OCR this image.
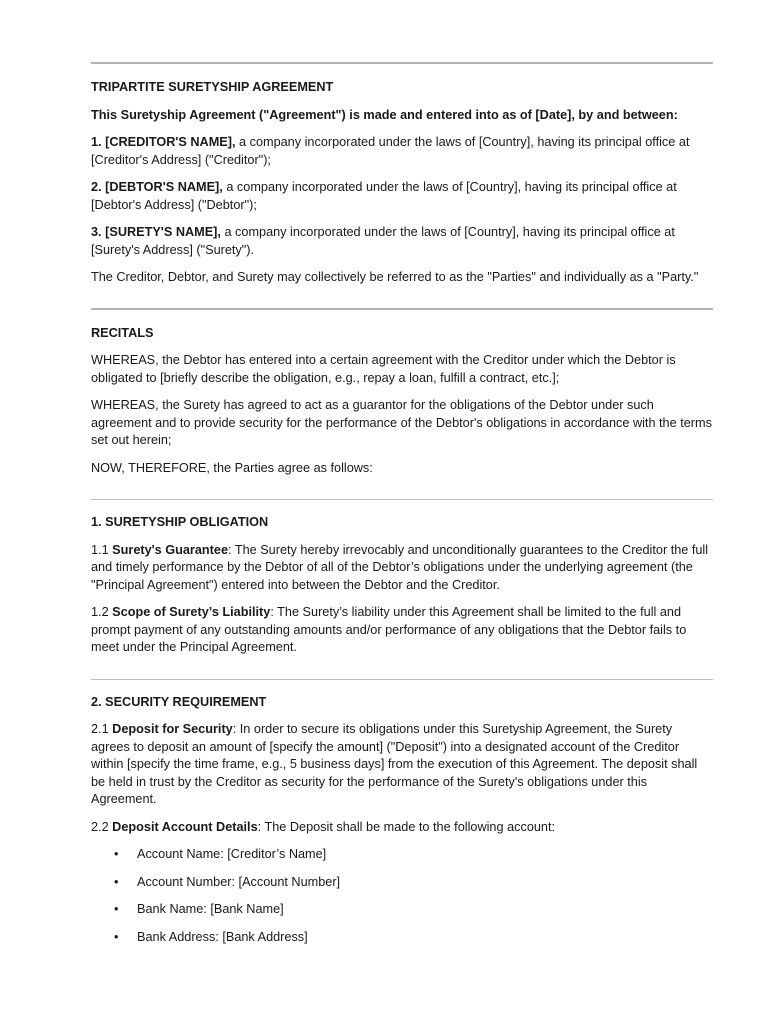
TRIPARTITE SURETYSHIP AGREEMENT

This Suretyship Agreement ("Agreement") is made and entered into as of [Date], by and between:

1. [CREDITOR'S NAME], a company incorporated under the laws of [Country], having its principal office at [Creditor's Address] ("Creditor");

2. [DEBTOR'S NAME], a company incorporated under the laws of [Country], having its principal office at [Debtor's Address] ("Debtor");

3. [SURETY'S NAME], a company incorporated under the laws of [Country], having its principal office at [Surety's Address] ("Surety").

The Creditor, Debtor, and Surety may collectively be referred to as the "Parties" and individually as a "Party."

RECITALS

WHEREAS, the Debtor has entered into a certain agreement with the Creditor under which the Debtor is obligated to [briefly describe the obligation, e.g., repay a loan, fulfill a contract, etc.];

WHEREAS, the Surety has agreed to act as a guarantor for the obligations of the Debtor under such agreement and to provide security for the performance of the Debtor's obligations in accordance with the terms set out herein;

NOW, THEREFORE, the Parties agree as follows:

1. SURETYSHIP OBLIGATION

1.1 Surety's Guarantee: The Surety hereby irrevocably and unconditionally guarantees to the Creditor the full and timely performance by the Debtor of all of the Debtor’s obligations under the underlying agreement (the "Principal Agreement") entered into between the Debtor and the Creditor.

1.2 Scope of Surety’s Liability: The Surety’s liability under this Agreement shall be limited to the full and prompt payment of any outstanding amounts and/or performance of any obligations that the Debtor fails to meet under the Principal Agreement.

2. SECURITY REQUIREMENT

2.1 Deposit for Security: In order to secure its obligations under this Suretyship Agreement, the Surety agrees to deposit an amount of [specify the amount] ("Deposit") into a designated account of the Creditor within [specify the time frame, e.g., 5 business days] from the execution of this Agreement. The deposit shall be held in trust by the Creditor as security for the performance of the Surety's obligations under this Agreement.

2.2 Deposit Account Details: The Deposit shall be made to the following account:

• Account Name: [Creditor’s Name]
• Account Number: [Account Number]
• Bank Name: [Bank Name]
• Bank Address: [Bank Address]
